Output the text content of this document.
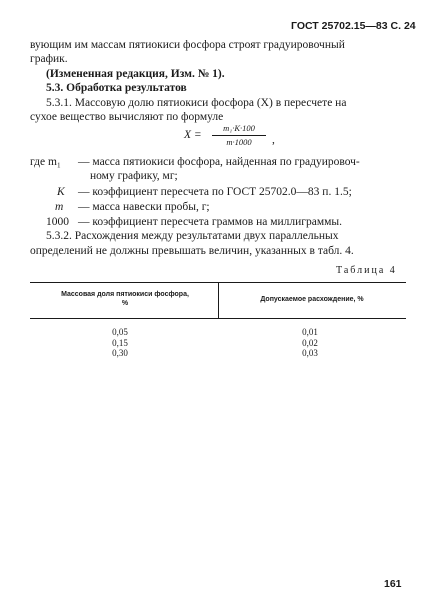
ГОСТ 25702.15—83 С. 24
вующим им массам пятиокиси фосфора строят градуировочный
график.
(Измененная редакция, Изм. № 1).
5.3. Обработка результатов
5.3.1. Массовую долю пятиокиси фосфора (X) в пересчете на
сухое вещество вычисляют по формуле
X =
m₁·K·100
m·1000	,
где m₁ — масса пятиокиси фосфора, найденная по градуировоч-
ному графику, мг;
K — коэффициент пересчета по ГОСТ 25702.0—83 п. 1.5;
m — масса навески пробы, г;
1000 — коэффициент пересчета граммов на миллиграммы.
5.3.2. Расхождения между результатами двух параллельных
определений не должны превышать величин, указанных в табл. 4.
Таблица 4
Массовая доля пятиокиси фосфора, %
Допускаемое расхождение, %
0,05	0,01
0,15	0,02
0,30	0,03
161
